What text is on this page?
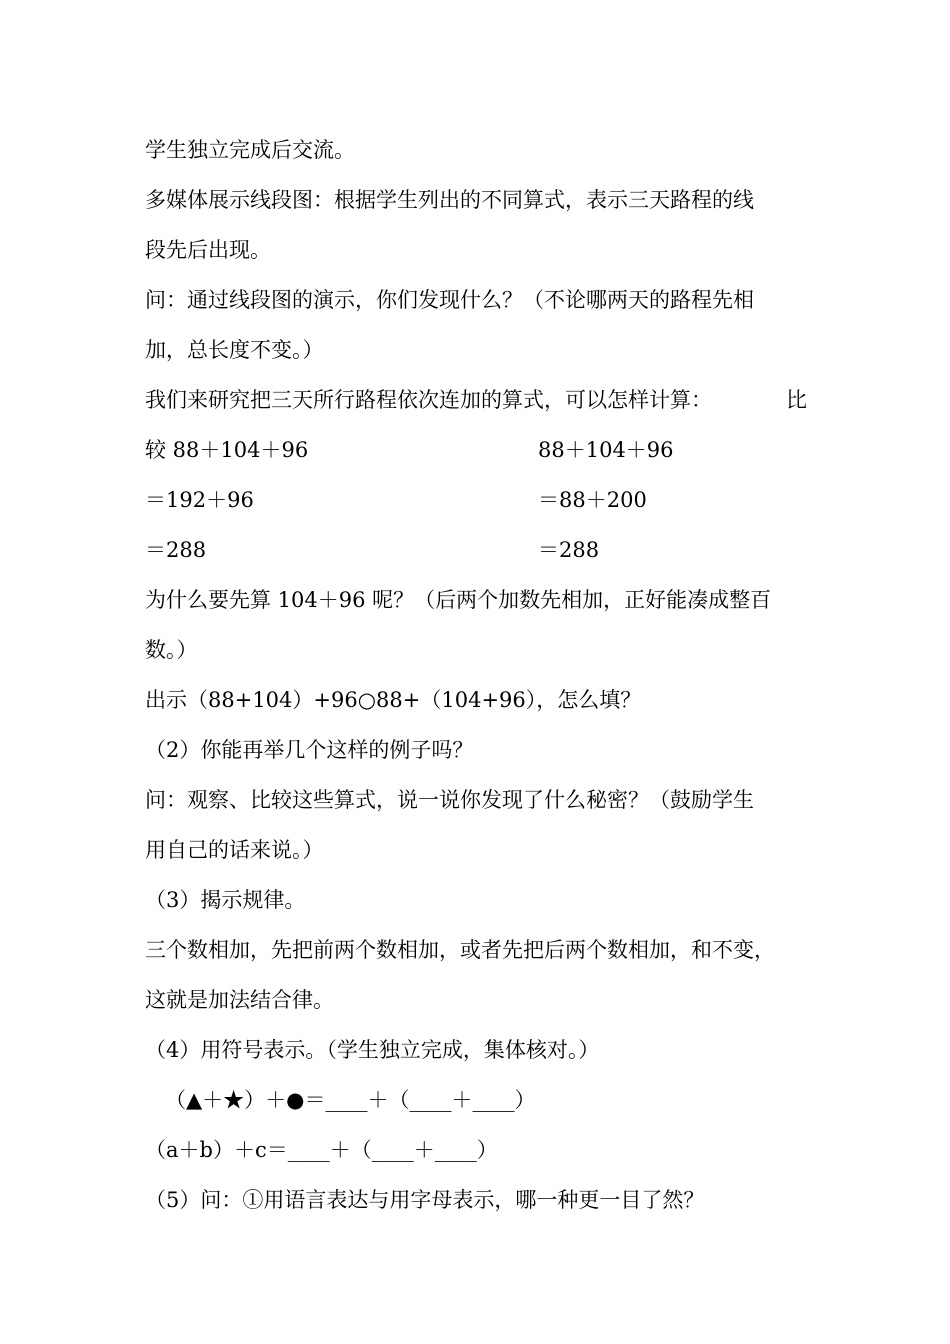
学生独立完成后交流。
多媒体展示线段图：根据学生列出的不同算式，表示三天路程的线
段先后出现。
问：通过线段图的演示，你们发现什么？（不论哪两天的路程先相
加，总长度不变。）
我们来研究把三天所行路程依次连加的算式，可以怎样计算：	比
较 88＋104＋96	88＋104＋96
＝192＋96	＝88＋200
＝288	＝288
为什么要先算 104＋96 呢？（后两个加数先相加，正好能凑成整百
数。）
出示（88+104）+96○88+（104+96），怎么填？
（2）你能再举几个这样的例子吗？
问：观察、比较这些算式，说一说你发现了什么秘密？（鼓励学生
用自己的话来说。）
（3）揭示规律。
三个数相加，先把前两个数相加，或者先把后两个数相加，和不变，
这就是加法结合律。
（4）用符号表示。（学生独立完成，集体核对。）
（▲＋★）＋●＝____＋（____＋____）
（a＋b）＋c＝____＋（____＋____）
（5）问：①用语言表达与用字母表示，哪一种更一目了然？
